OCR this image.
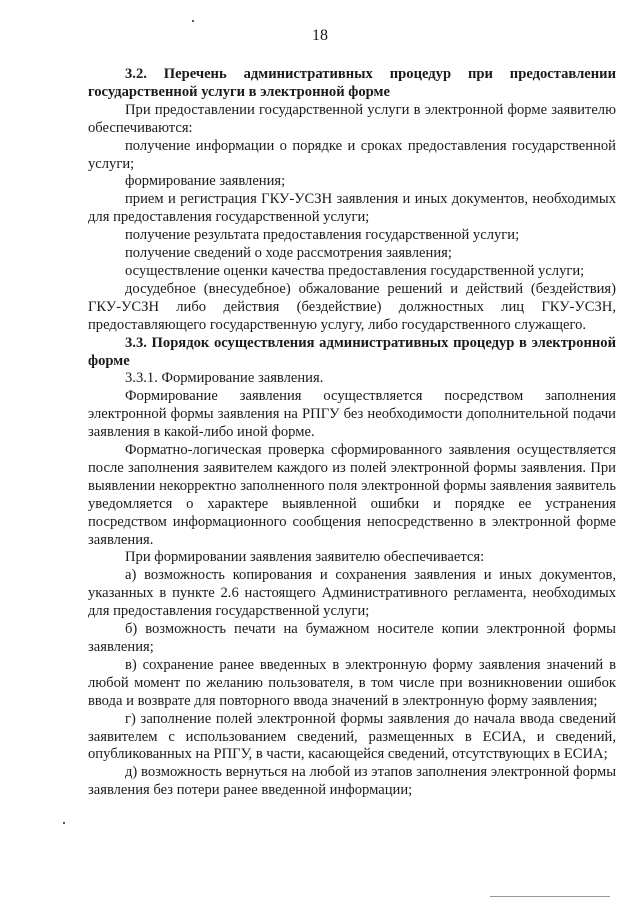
18

3.2. Перечень административных процедур при предоставлении государственной услуги в электронной форме

При предоставлении государственной услуги в электронной форме заявителю обеспечиваются:

получение информации о порядке и сроках предоставления государственной услуги;

формирование заявления;

прием и регистрация ГКУ-УСЗН заявления и иных документов, необходимых для предоставления государственной услуги;

получение результата предоставления государственной услуги;

получение сведений о ходе рассмотрения заявления;

осуществление оценки качества предоставления государственной услуги;

досудебное (внесудебное) обжалование решений и действий (бездействия) ГКУ-УСЗН либо действия (бездействие) должностных лиц ГКУ-УСЗН, предоставляющего государственную услугу, либо государственного служащего.

3.3. Порядок осуществления административных процедур в электронной форме

3.3.1. Формирование заявления.

Формирование заявления осуществляется посредством заполнения электронной формы заявления на РПГУ без необходимости дополнительной подачи заявления в какой-либо иной форме.

Форматно-логическая проверка сформированного заявления осуществляется после заполнения заявителем каждого из полей электронной формы заявления. При выявлении некорректно заполненного поля электронной формы заявления заявитель уведомляется о характере выявленной ошибки и порядке ее устранения посредством информационного сообщения непосредственно в электронной форме заявления.

При формировании заявления заявителю обеспечивается:

а) возможность копирования и сохранения заявления и иных документов, указанных в пункте 2.6 настоящего Административного регламента, необходимых для предоставления государственной услуги;

б) возможность печати на бумажном носителе копии электронной формы заявления;

в) сохранение ранее введенных в электронную форму заявления значений в любой момент по желанию пользователя, в том числе при возникновении ошибок ввода и возврате для повторного ввода значений в электронную форму заявления;

г) заполнение полей электронной формы заявления до начала ввода сведений заявителем с использованием сведений, размещенных в ЕСИА, и сведений, опубликованных на РПГУ, в части, касающейся сведений, отсутствующих в ЕСИА;

д) возможность вернуться на любой из этапов заполнения электронной формы заявления без потери ранее введенной информации;
